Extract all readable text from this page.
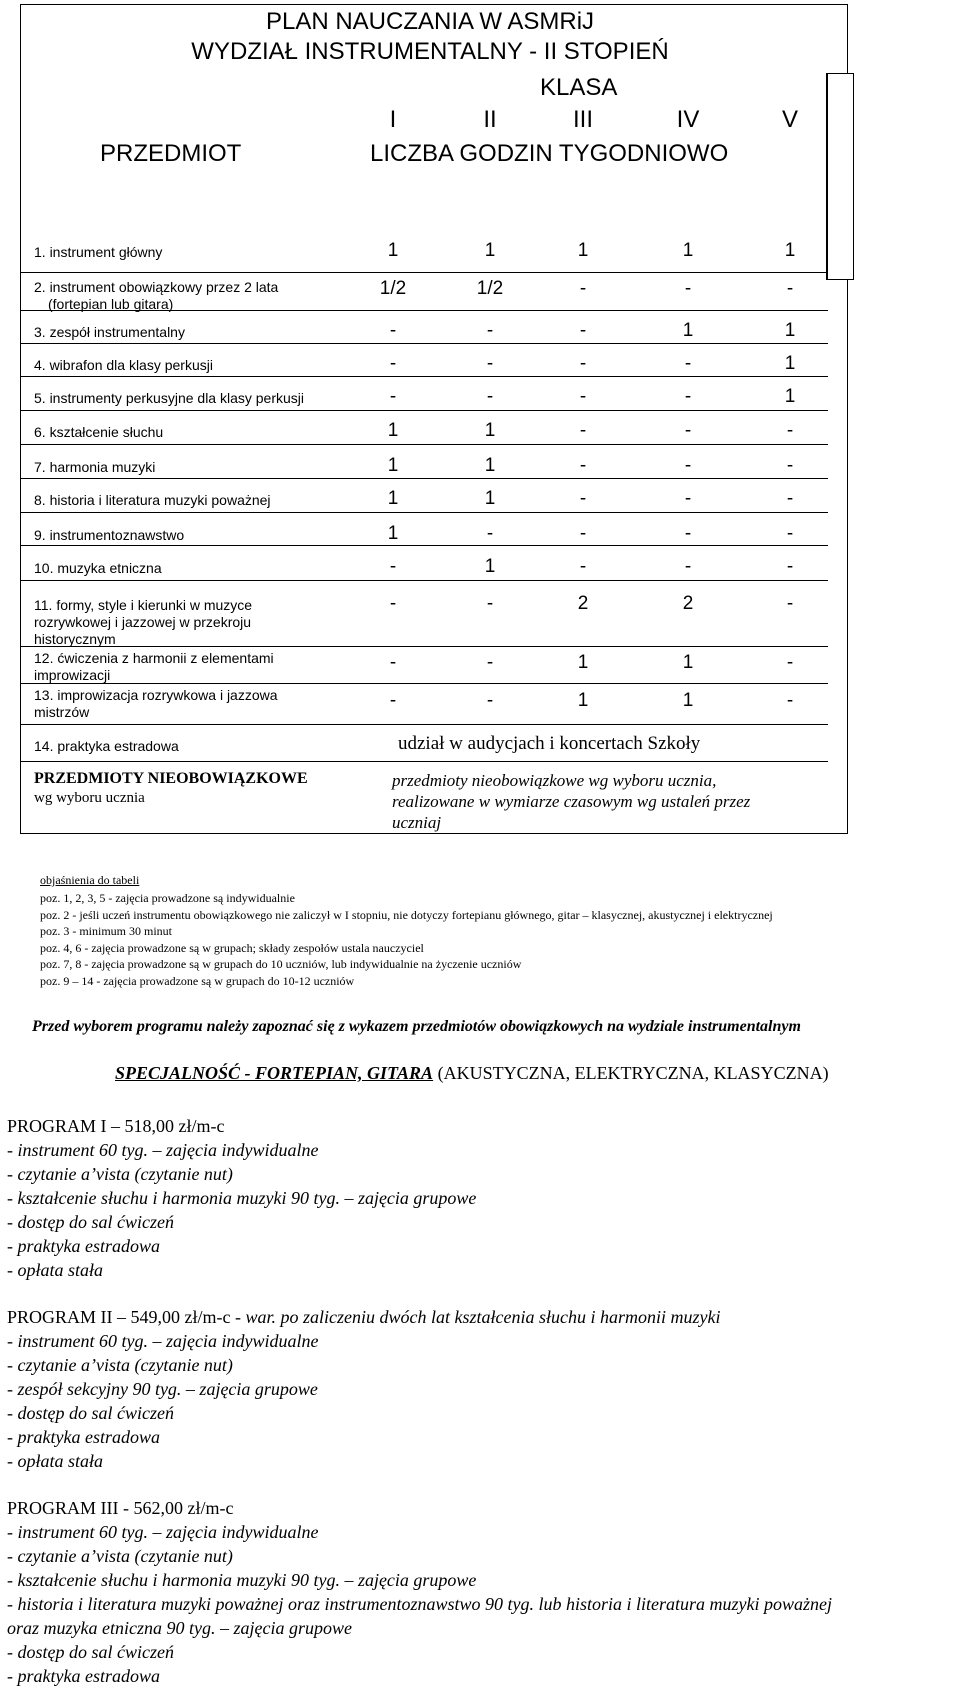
PLAN NAUCZANIA W ASMRiJ
WYDZIAŁ INSTRUMENTALNY - II STOPIEŃ
KLASA
PRZEDMIOT	LICZBA GODZIN TYGODNIOWO
I	II	III	IV	V
1. instrument główny	1	1	1	1	1
2. instrument obowiązkowy przez 2 lata
(fortepian lub gitara)
1/2	1/2	-	-	-
3. zespół instrumentalny	-	-	-	1	1
4. wibrafon dla klasy perkusji	-	-	-	-	1
5. instrumenty perkusyjne dla klasy perkusji	-	-	-	-	1
6. kształcenie słuchu	1	1	-	-	-
7. harmonia muzyki	1	1	-	-	-
8. historia i literatura muzyki poważnej	1	1	-	-	-
9. instrumentoznawstwo	1	-	-	-	-
10. muzyka etniczna	-	1	-	-	-
11. formy, style i kierunki w muzyce
rozrywkowej i jazzowej w przekroju
historycznym
-	-	2	2	-
12. ćwiczenia z harmonii z elementami
improwizacji
-	-	1	1	-
13. improwizacja rozrywkowa i jazzowa
mistrzów
-	-	1	1	-
14. praktyka estradowa	udział w audycjach i koncertach Szkoły
PRZEDMIOTY NIEOBOWIĄZKOWE
wg wyboru ucznia
przedmioty nieobowiązkowe wg wyboru ucznia,
realizowane w wymiarze czasowym wg ustaleń przez
uczniaj
objaśnienia do tabeli
poz. 1, 2, 3, 5 - zajęcia prowadzone są indywidualnie
poz. 2 - jeśli uczeń instrumentu obowiązkowego nie zaliczył w I stopniu, nie dotyczy fortepianu głównego, gitar – klasycznej, akustycznej i elektrycznej
poz. 3 - minimum 30 minut
poz. 4, 6 - zajęcia prowadzone są w grupach; składy zespołów ustala nauczyciel
poz. 7, 8 - zajęcia prowadzone są w grupach do 10 uczniów, lub indywidualnie na życzenie uczniów
poz. 9 – 14 - zajęcia prowadzone są w grupach do 10-12 uczniów
Przed wyborem programu należy zapoznać się z wykazem przedmiotów obowiązkowych na wydziale instrumentalnym
SPECJALNOŚĆ - FORTEPIAN, GITARA (AKUSTYCZNA, ELEKTRYCZNA, KLASYCZNA)
PROGRAM I – 518,00 zł/m-c
- instrument 60 tyg. – zajęcia indywidualne
- czytanie a’vista (czytanie nut)
- kształcenie słuchu i harmonia muzyki 90 tyg. – zajęcia grupowe
- dostęp do sal ćwiczeń
- praktyka estradowa
- opłata stała
PROGRAM II – 549,00 zł/m-c - war. po zaliczeniu dwóch lat kształcenia słuchu i harmonii muzyki
- instrument 60 tyg. – zajęcia indywidualne
- czytanie a’vista (czytanie nut)
- zespół sekcyjny 90 tyg. – zajęcia grupowe
- dostęp do sal ćwiczeń
- praktyka estradowa
- opłata stała
PROGRAM III - 562,00 zł/m-c
- instrument 60 tyg. – zajęcia indywidualne
- czytanie a’vista (czytanie nut)
- kształcenie słuchu i harmonia muzyki 90 tyg. – zajęcia grupowe
- historia i literatura muzyki poważnej oraz instrumentoznawstwo 90 tyg. lub historia i literatura muzyki poważnej
oraz muzyka etniczna 90 tyg. – zajęcia grupowe
- dostęp do sal ćwiczeń
- praktyka estradowa
